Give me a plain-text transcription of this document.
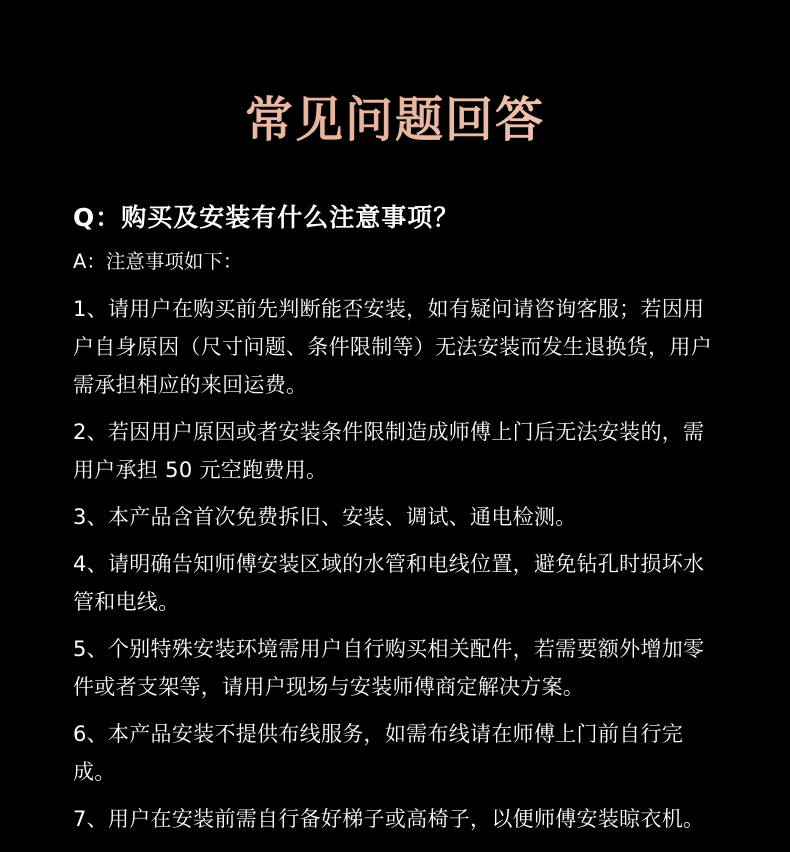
常见问题回答
Q：购买及安装有什么注意事项？
A：注意事项如下：
1、请用户在购买前先判断能否安装，如有疑问请咨询客服；若因用户自身原因（尺寸问题、条件限制等）无法安装而发生退换货，用户需承担相应的来回运费。
2、若因用户原因或者安装条件限制造成师傅上门后无法安装的，需用户承担 50 元空跑费用。
3、本产品含首次免费拆旧、安装、调试、通电检测。
4、请明确告知师傅安装区域的水管和电线位置，避免钻孔时损坏水管和电线。
5、个别特殊安装环境需用户自行购买相关配件，若需要额外增加零件或者支架等，请用户现场与安装师傅商定解决方案。
6、本产品安装不提供布线服务，如需布线请在师傅上门前自行完成。
7、用户在安装前需自行备好梯子或高椅子，以便师傅安装晾衣机。
